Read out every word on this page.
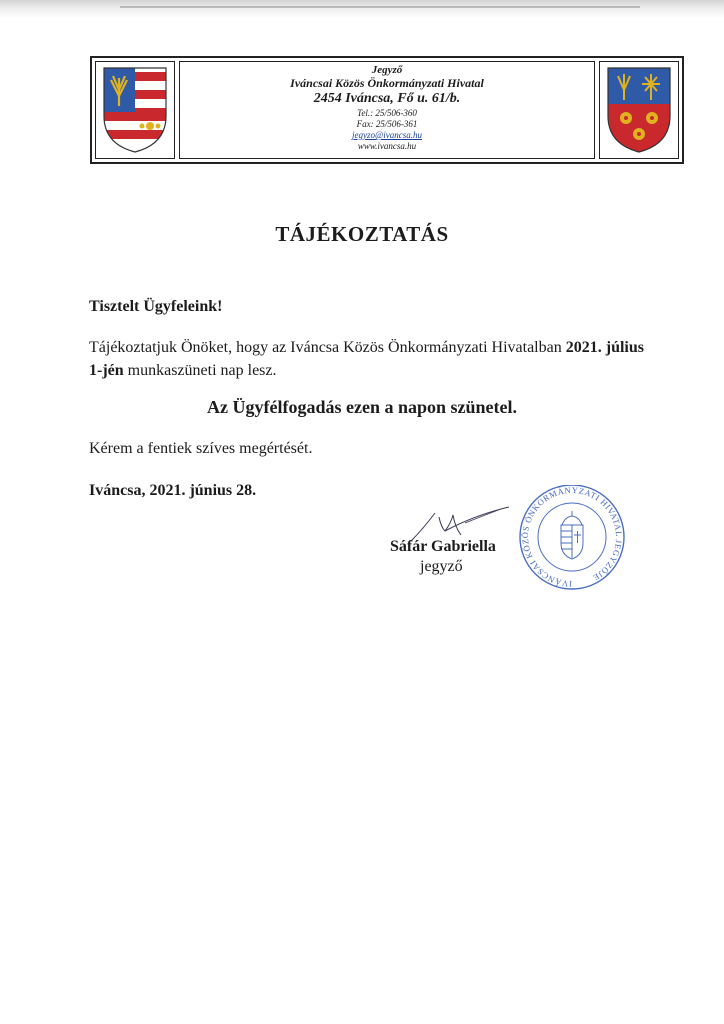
Jegyző
Iváncsai Közös Önkormányzati Hivatal
2454 Iváncsa, Fő u. 61/b.
Tel.: 25/506-360
Fax: 25/506-361
jegyzo@ivancsa.hu
www.ivancsa.hu
TÁJÉKOZTATÁS
Tisztelt Ügyfeleink!
Tájékoztatjuk Önöket, hogy az Iváncsa Közös Önkormányzati Hivatalban 2021. július 1-jén munkaszüneti nap lesz.
Az Ügyfélfogadás ezen a napon szünetel.
Kérem a fentiek szíves megértését.
Iváncsa, 2021. június 28.
Sáfár Gabriella
jegyző
IVÁNCSAI KÖZÖS ÖNKORMÁNYZATI HIVATAL JEGYZŐJE
